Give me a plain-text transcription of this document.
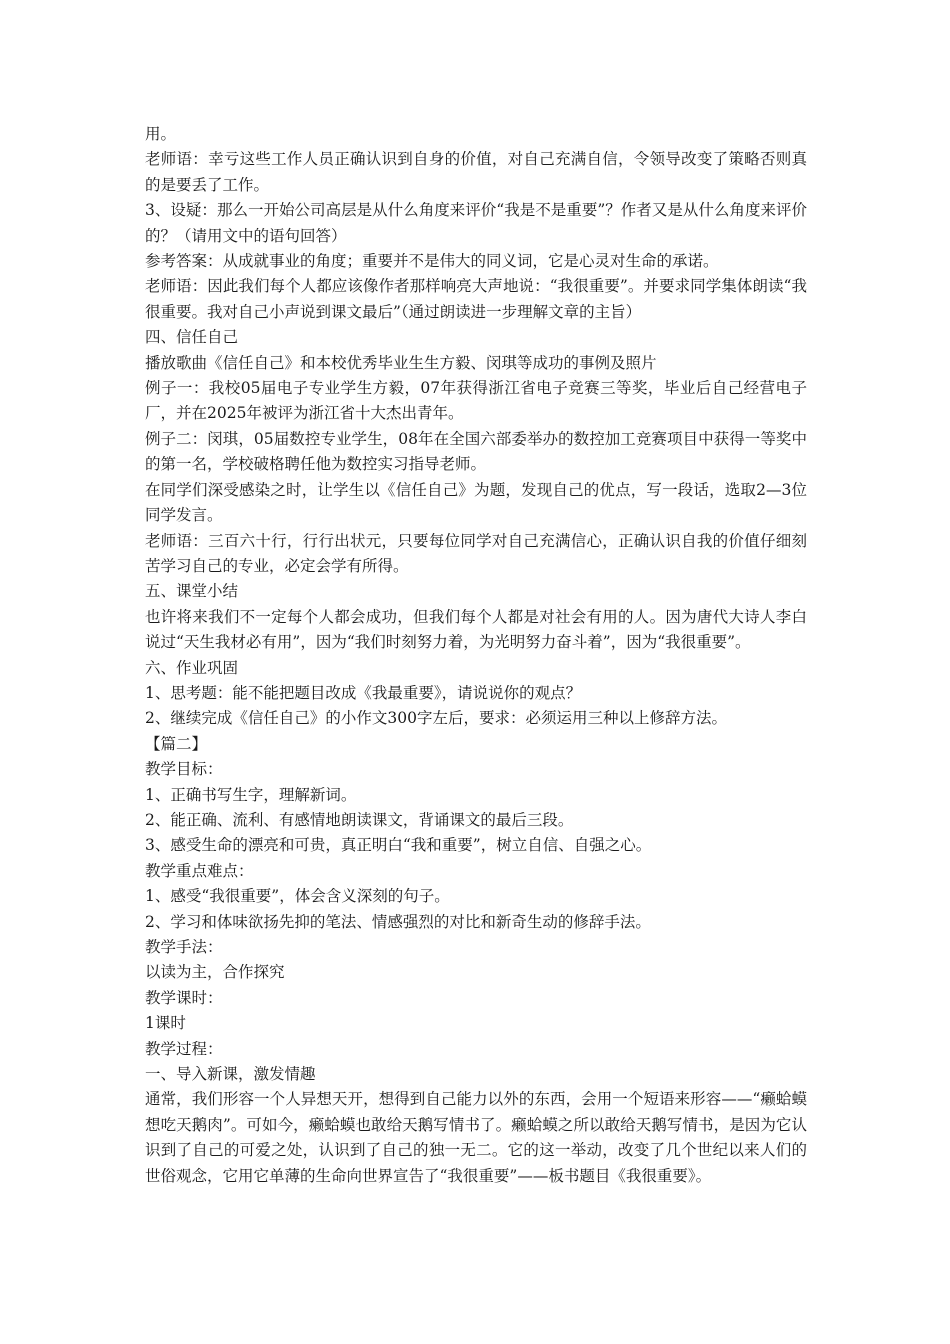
用。

老师语：幸亏这些工作人员正确认识到自身的价值，对自己充满自信，令领导改变了策略否则真的是要丢了工作。

3、设疑：那么一开始公司高层是从什么角度来评价“我是不是重要”？作者又是从什么角度来评价的？（请用文中的语句回答）

参考答案：从成就事业的角度；重要并不是伟大的同义词，它是心灵对生命的承诺。

老师语：因此我们每个人都应该像作者那样响亮大声地说：“我很重要”。并要求同学集体朗读“我很重要。我对自己小声说到课文最后”（通过朗读进一步理解文章的主旨）

四、信任自己

播放歌曲《信任自己》和本校优秀毕业生生方毅、闵琪等成功的事例及照片

例子一：我校05届电子专业学生方毅，07年获得浙江省电子竞赛三等奖，毕业后自己经营电子厂，并在2025年被评为浙江省十大杰出青年。

例子二：闵琪，05届数控专业学生，08年在全国六部委举办的数控加工竞赛项目中获得一等奖中的第一名，学校破格聘任他为数控实习指导老师。

在同学们深受感染之时，让学生以《信任自己》为题，发现自己的优点，写一段话，选取2—3位同学发言。

老师语：三百六十行，行行出状元，只要每位同学对自己充满信心，正确认识自我的价值仔细刻苦学习自己的专业，必定会学有所得。

五、课堂小结

也许将来我们不一定每个人都会成功，但我们每个人都是对社会有用的人。因为唐代大诗人李白说过“天生我材必有用”，因为“我们时刻努力着，为光明努力奋斗着”，因为“我很重要”。

六、作业巩固

1、思考题：能不能把题目改成《我最重要》，请说说你的观点？

2、继续完成《信任自己》的小作文300字左后，要求：必须运用三种以上修辞方法。

【篇二】

教学目标：

1、正确书写生字，理解新词。

2、能正确、流利、有感情地朗读课文，背诵课文的最后三段。

3、感受生命的漂亮和可贵，真正明白“我和重要”，树立自信、自强之心。

教学重点难点：

1、感受“我很重要”，体会含义深刻的句子。

2、学习和体味欲扬先抑的笔法、情感强烈的对比和新奇生动的修辞手法。

教学手法：

以读为主，合作探究

教学课时：

1课时

教学过程：

一、导入新课，激发情趣

通常，我们形容一个人异想天开，想得到自己能力以外的东西，会用一个短语来形容——“癞蛤蟆想吃天鹅肉”。可如今，癞蛤蟆也敢给天鹅写情书了。癞蛤蟆之所以敢给天鹅写情书，是因为它认识到了自己的可爱之处，认识到了自己的独一无二。它的这一举动，改变了几个世纪以来人们的世俗观念，它用它单薄的生命向世界宣告了“我很重要”——板书题目《我很重要》。
